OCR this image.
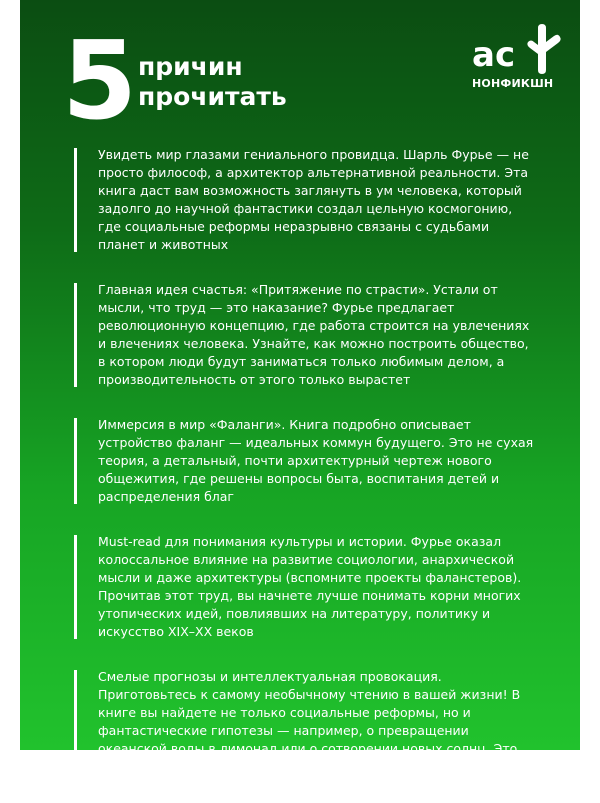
5 причин
прочитать
ac
НОНФИКШН
Увидеть мир глазами гениального провидца. Шарль Фурье — не просто философ, а архитектор альтернативной реальности. Эта книга даст вам возможность заглянуть в ум человека, который задолго до научной фантастики создал цельную космогонию, где социальные реформы неразрывно связаны с судьбами планет и животных
Главная идея счастья: «Притяжение по страсти». Устали от мысли, что труд — это наказание? Фурье предлагает революционную концепцию, где работа строится на увлечениях и влечениях человека. Узнайте, как можно построить общество, в котором люди будут заниматься только любимым делом, а производительность от этого только вырастет
Иммерсия в мир «Фаланги». Книга подробно описывает устройство фаланг — идеальных коммун будущего. Это не сухая теория, а детальный, почти архитектурный чертеж нового общежития, где решены вопросы быта, воспитания детей и распределения благ
Must-read для понимания культуры и истории. Фурье оказал колоссальное влияние на развитие социологии, анархической мысли и даже архитектуры (вспомните проекты фаланстеров). Прочитав этот труд, вы начнете лучше понимать корни многих утопических идей, повлиявших на литературу, политику и искусство XIX–XX веков
Смелые прогнозы и интеллектуальная провокация. Приготовьтесь к самому необычному чтению в вашей жизни! В книге вы найдете не только социальные реформы, но и фантастические гипотезы — например, о превращении океанской воды в лимонад или о сотворении новых солнц. Это захватывающий коктейль из философии, футурологии и поэзии
